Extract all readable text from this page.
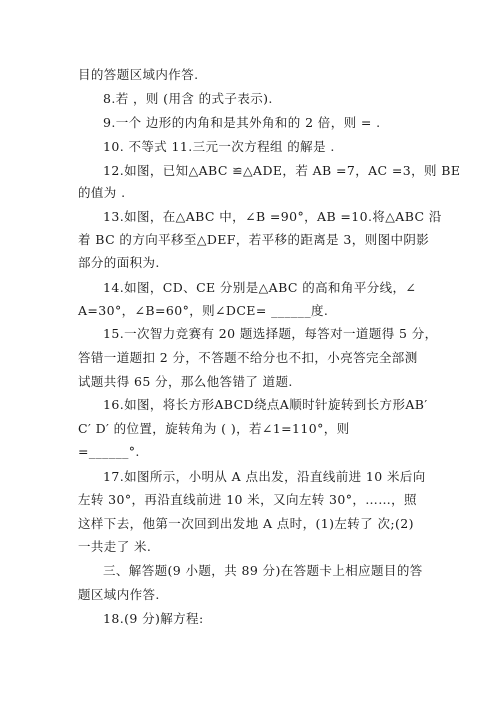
目的答题区域内作答.
8.若 ，则 (用含 的式子表示).
9.一个 边形的内角和是其外角和的 2 倍，则 = .
10. 不等式 11.三元一次方程组 的解是 .
12.如图，已知△ABC ≌△ADE，若 AB =7，AC =3，则 BE
的值为 .
13.如图，在△ABC 中，∠B =90°，AB =10.将△ABC 沿
着 BC 的方向平移至△DEF，若平移的距离是 3，则图中阴影
部分的面积为.
14.如图，CD、CE 分别是△ABC 的高和角平分线，∠
A=30°，∠B=60°，则∠DCE= ______度.
15.一次智力竞赛有 20 题选择题，每答对一道题得 5 分，
答错一道题扣 2 分，不答题不给分也不扣，小亮答完全部测
试题共得 65 分，那么他答错了 道题.
16.如图，将长方形ABCD绕点A顺时针旋转到长方形AB′
C′ D′ 的位置，旋转角为 ( )，若∠1=110°，则
=______°.
17.如图所示，小明从 A 点出发，沿直线前进 10 米后向
左转 30°，再沿直线前进 10 米，又向左转 30°，……，照
这样下去，他第一次回到出发地 A 点时，(1)左转了 次;(2)
一共走了 米.
三、解答题(9 小题，共 89 分)在答题卡上相应题目的答
题区域内作答.
18.(9 分)解方程:
